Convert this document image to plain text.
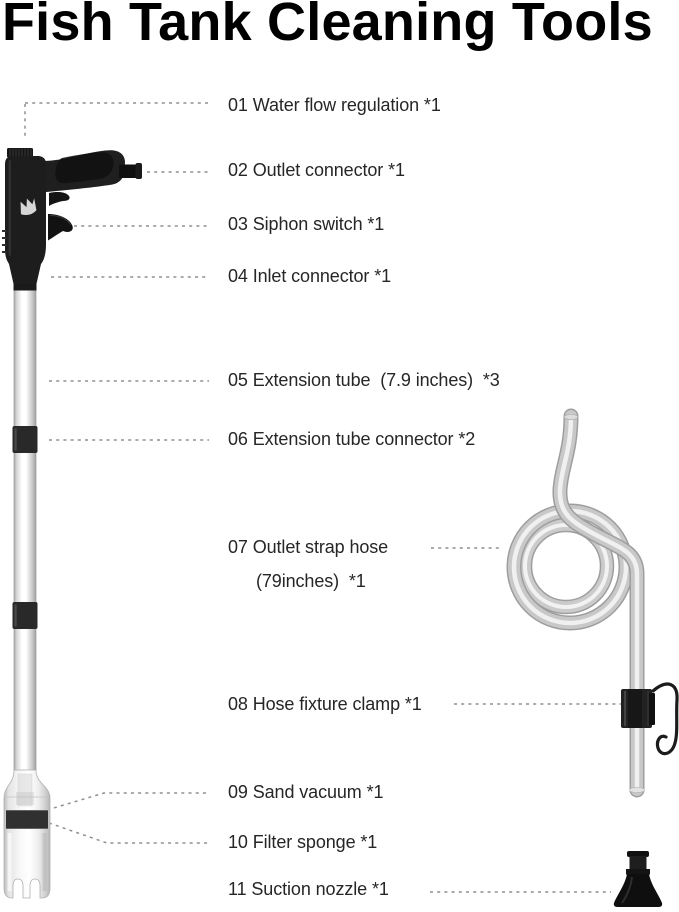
Fish Tank Cleaning Tools
01 Water flow regulation *1
02 Outlet connector *1
03 Siphon switch *1
04 Inlet connector *1
05 Extension tube  (7.9 inches)  *3
06 Extension tube connector *2
07 Outlet strap hose
(79inches)  *1
08 Hose fixture clamp *1
09 Sand vacuum *1
10 Filter sponge *1
11 Suction nozzle *1
